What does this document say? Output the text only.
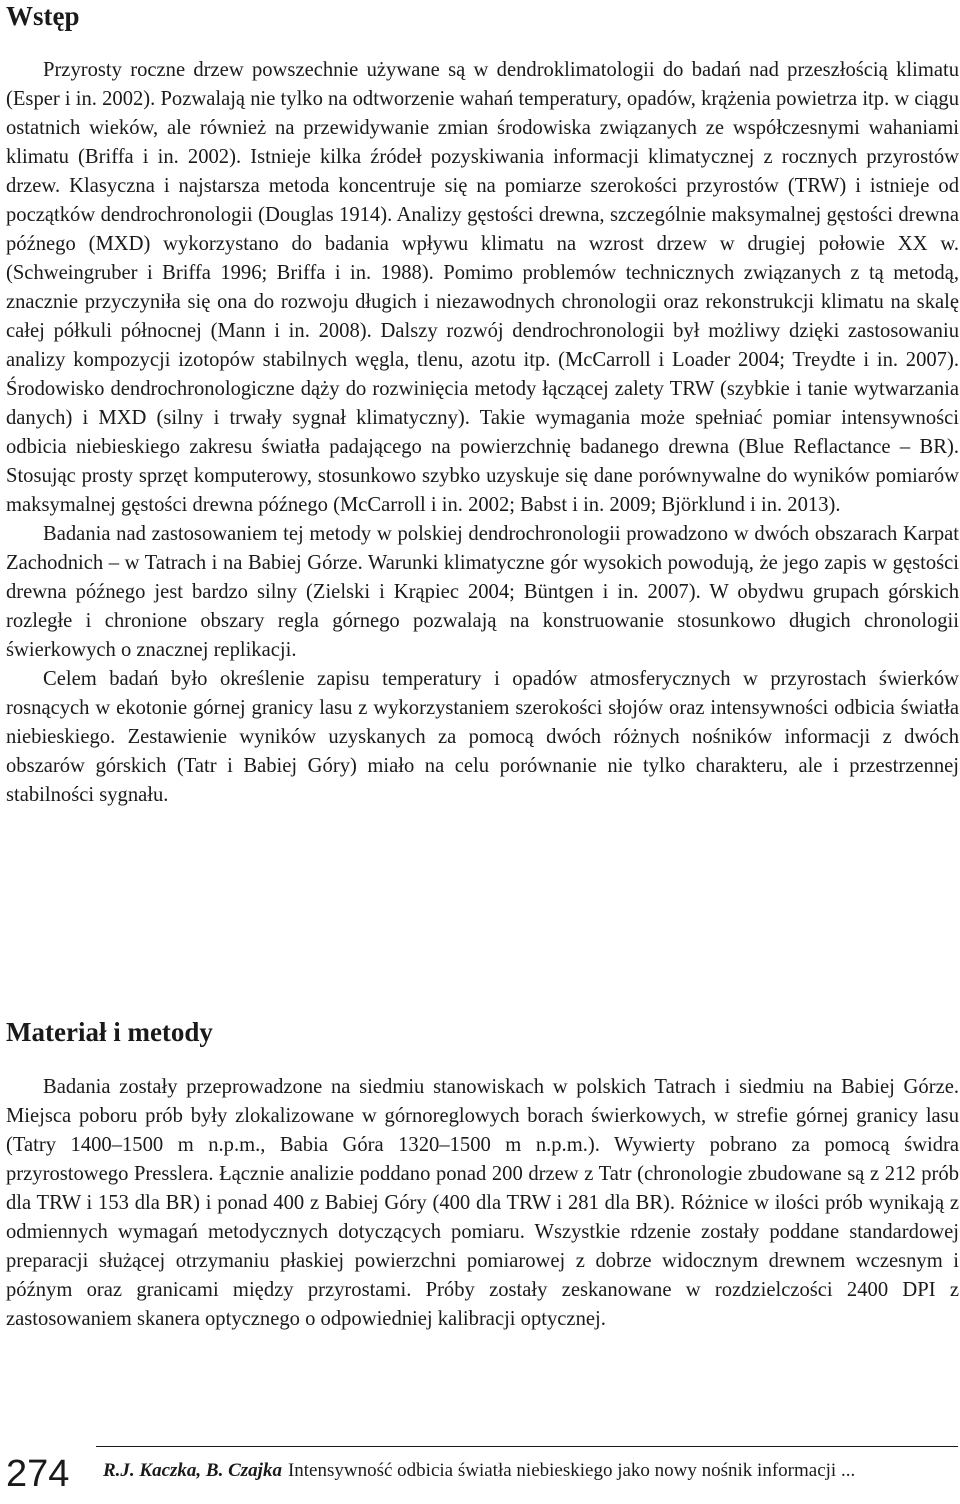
Wstęp

Przyrosty roczne drzew powszechnie używane są w dendroklimatologii do badań nad przeszłością klimatu (Esper i in. 2002). Pozwalają nie tylko na odtworzenie wahań temperatury, opadów, krążenia powietrza itp. w ciągu ostatnich wieków, ale również na przewidywanie zmian środowiska związanych ze współczesnymi wahaniami klimatu (Briffa i in. 2002). Istnieje kilka źródeł pozyskiwania informacji klimatycznej z rocznych przyrostów drzew. Klasyczna i najstarsza metoda koncentruje się na pomiarze szerokości przyrostów (TRW) i istnieje od początków dendrochronologii (Douglas 1914). Analizy gęstości drewna, szczególnie maksymalnej gęstości drewna późnego (MXD) wykorzystano do badania wpływu klimatu na wzrost drzew w drugiej połowie XX w. (Schweingruber i Briffa 1996; Briffa i in. 1988). Pomimo problemów technicznych związanych z tą metodą, znacznie przyczyniła się ona do rozwoju długich i niezawodnych chronologii oraz rekonstrukcji klimatu na skalę całej półkuli północnej (Mann i in. 2008). Dalszy rozwój dendrochronologii był możliwy dzięki zastosowaniu analizy kompozycji izotopów stabilnych węgla, tlenu, azotu itp. (McCarroll i Loader 2004; Treydte i in. 2007). Środowisko dendrochronologiczne dąży do rozwinięcia metody łączącej zalety TRW (szybkie i tanie wytwarzania danych) i MXD (silny i trwały sygnał klimatyczny). Takie wymagania może spełniać pomiar intensywności odbicia niebieskiego zakresu światła padającego na powierzchnię badanego drewna (Blue Reflactance – BR). Stosując prosty sprzęt komputerowy, stosunkowo szybko uzyskuje się dane porównywalne do wyników pomiarów maksymalnej gęstości drewna późnego (McCarroll i in. 2002; Babst i in. 2009; Björklund i in. 2013).

Badania nad zastosowaniem tej metody w polskiej dendrochronologii prowadzono w dwóch obszarach Karpat Zachodnich – w Tatrach i na Babiej Górze. Warunki klimatyczne gór wysokich powodują, że jego zapis w gęstości drewna późnego jest bardzo silny (Zielski i Krąpiec 2004; Büntgen i in. 2007). W obydwu grupach górskich rozległe i chronione obszary regla górnego pozwalają na konstruowanie stosunkowo długich chronologii świerkowych o znacznej replikacji.

Celem badań było określenie zapisu temperatury i opadów atmosferycznych w przyrostach świerków rosnących w ekotonie górnej granicy lasu z wykorzystaniem szerokości słojów oraz intensywności odbicia światła niebieskiego. Zestawienie wyników uzyskanych za pomocą dwóch różnych nośników informacji z dwóch obszarów górskich (Tatr i Babiej Góry) miało na celu porównanie nie tylko charakteru, ale i przestrzennej stabilności sygnału.

Materiał i metody

Badania zostały przeprowadzone na siedmiu stanowiskach w polskich Tatrach i siedmiu na Babiej Górze. Miejsca poboru prób były zlokalizowane w górnoreglowych borach świerkowych, w strefie górnej granicy lasu (Tatry 1400–1500 m n.p.m., Babia Góra 1320–1500 m n.p.m.). Wywierty pobrano za pomocą świdra przyrostowego Presslera. Łącznie analizie poddano ponad 200 drzew z Tatr (chronologie zbudowane są z 212 prób dla TRW i 153 dla BR) i ponad 400 z Babiej Góry (400 dla TRW i 281 dla BR). Różnice w ilości prób wynikają z odmiennych wymagań metodycznych dotyczących pomiaru. Wszystkie rdzenie zostały poddane standardowej preparacji służącej otrzymaniu płaskiej powierzchni pomiarowej z dobrze widocznym drewnem wczesnym i późnym oraz granicami między przyrostami. Próby zostały zeskanowane w rozdzielczości 2400 DPI z zastosowaniem skanera optycznego o odpowiedniej kalibracji optycznej.

274 R.J. Kaczka, B. Czajka Intensywność odbicia światła niebieskiego jako nowy nośnik informacji ...
